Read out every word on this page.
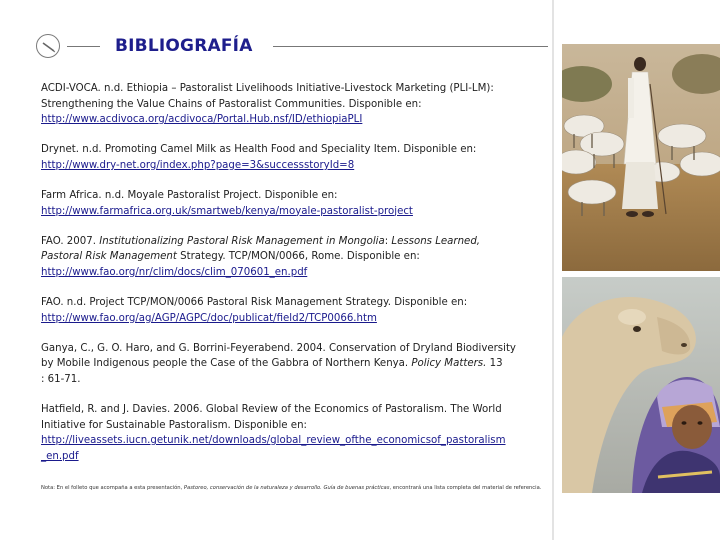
BIBLIOGRAFÍA
ACDI-VOCA. n.d. Ethiopia – Pastoralist Livelihoods Initiative-Livestock Marketing (PLI-LM):
Strengthening the Value Chains of Pastoralist Communities. Disponible en:
http://www.acdivoca.org/acdivoca/Portal.Hub.nsf/ID/ethiopiaPLI
Drynet. n.d. Promoting Camel Milk as Health Food and Speciality Item. Disponible en:
http://www.dry-net.org/index.php?page=3&successstoryId=8
Farm Africa. n.d. Moyale Pastoralist Project. Disponible en:
http://www.farmafrica.org.uk/smartweb/kenya/moyale-pastoralist-project
FAO. 2007. Institutionalizing Pastoral Risk Management in Mongolia: Lessons Learned,
Pastoral Risk Management Strategy. TCP/MON/0066, Rome. Disponible en:
http://www.fao.org/nr/clim/docs/clim_070601_en.pdf
FAO. n.d. Project TCP/MON/0066 Pastoral Risk Management Strategy. Disponible en:
http://www.fao.org/ag/AGP/AGPC/doc/publicat/field2/TCP0066.htm
Ganya, C., G. O. Haro, and G. Borrini-Feyerabend. 2004. Conservation of Dryland Biodiversity
by Mobile Indigenous people the Case of the Gabbra of Northern Kenya. Policy Matters. 13
: 61-71.
Hatfield, R. and J. Davies. 2006. Global Review of the Economics of Pastoralism. The World
Initiative for Sustainable Pastoralism. Disponible en:
http://liveassets.iucn.getunik.net/downloads/global_review_ofthe_economicsof_pastoralism
_en.pdf
Nota: En el folleto que acompaña a esta presentación, Pastoreo, conservación de la naturaleza y desarrollo. Guía de buenas prácticas, encontrará una lista completa del material de referencia.
